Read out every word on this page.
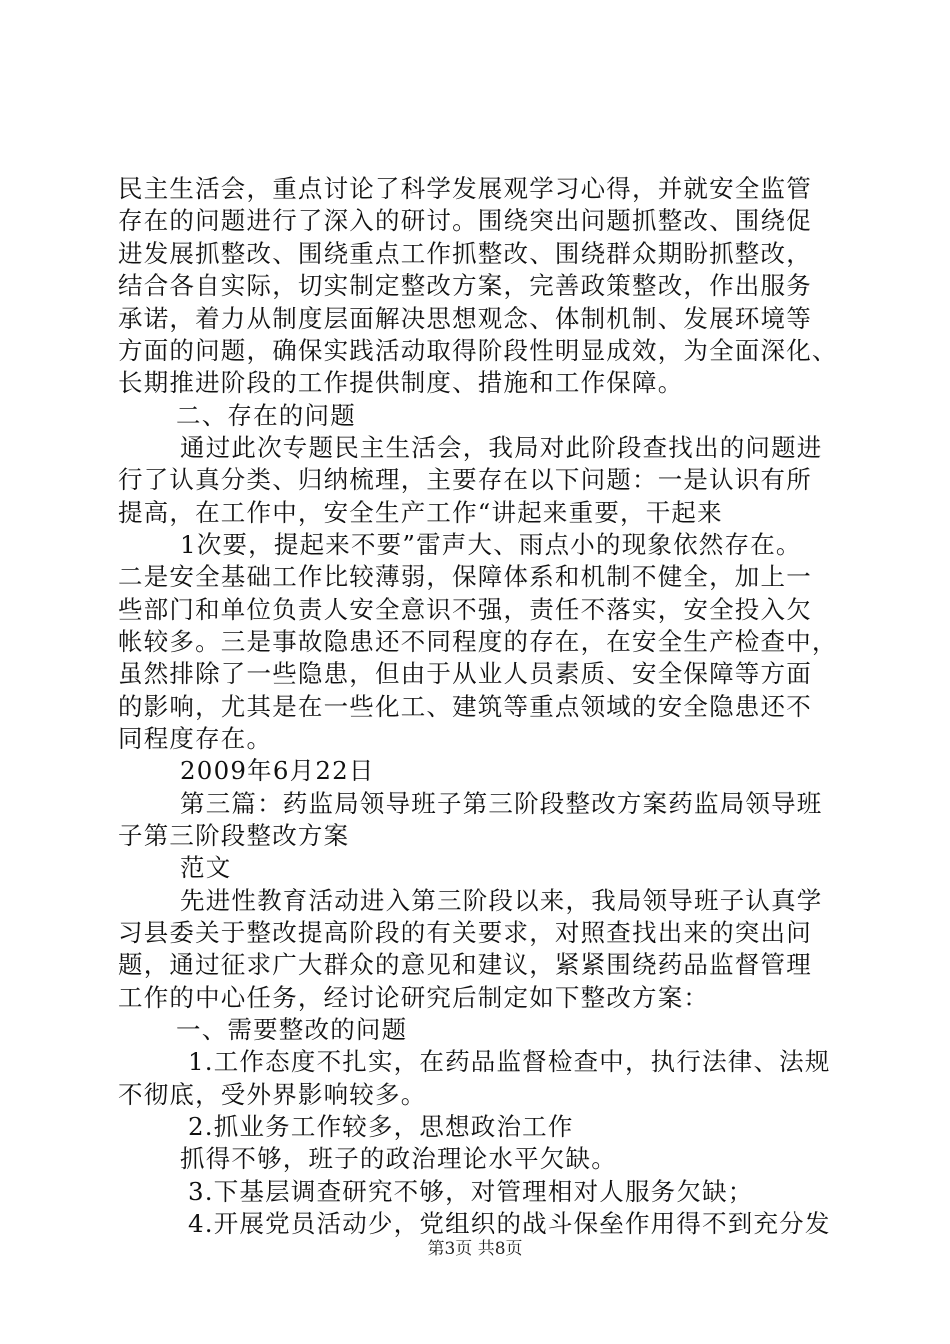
民主生活会，重点讨论了科学发展观学习心得，并就安全监管
存在的问题进行了深入的研讨。围绕突出问题抓整改、围绕促
进发展抓整改、围绕重点工作抓整改、围绕群众期盼抓整改，
结合各自实际，切实制定整改方案，完善政策整改，作出服务
承诺，着力从制度层面解决思想观念、体制机制、发展环境等
方面的问题，确保实践活动取得阶段性明显成效，为全面深化、
长期推进阶段的工作提供制度、措施和工作保障。
二、存在的问题
通过此次专题民主生活会，我局对此阶段查找出的问题进
行了认真分类、归纳梳理，主要存在以下问题：一是认识有所
提高，在工作中，安全生产工作“讲起来重要，干起来
1次要，提起来不要”雷声大、雨点小的现象依然存在。
二是安全基础工作比较薄弱，保障体系和机制不健全，加上一
些部门和单位负责人安全意识不强，责任不落实，安全投入欠
帐较多。三是事故隐患还不同程度的存在，在安全生产检查中，
虽然排除了一些隐患，但由于从业人员素质、安全保障等方面
的影响，尤其是在一些化工、建筑等重点领域的安全隐患还不
同程度存在。
2009年6月22日
第三篇：药监局领导班子第三阶段整改方案药监局领导班
子第三阶段整改方案
范文
先进性教育活动进入第三阶段以来，我局领导班子认真学
习县委关于整改提高阶段的有关要求，对照查找出来的突出问
题，通过征求广大群众的意见和建议，紧紧围绕药品监督管理
工作的中心任务，经讨论研究后制定如下整改方案：
一、需要整改的问题
1.工作态度不扎实，在药品监督检查中，执行法律、法规
不彻底，受外界影响较多。
2.抓业务工作较多，思想政治工作
抓得不够，班子的政治理论水平欠缺。
3.下基层调查研究不够，对管理相对人服务欠缺；
4.开展党员活动少，党组织的战斗保垒作用得不到充分发
第3页 共8页
